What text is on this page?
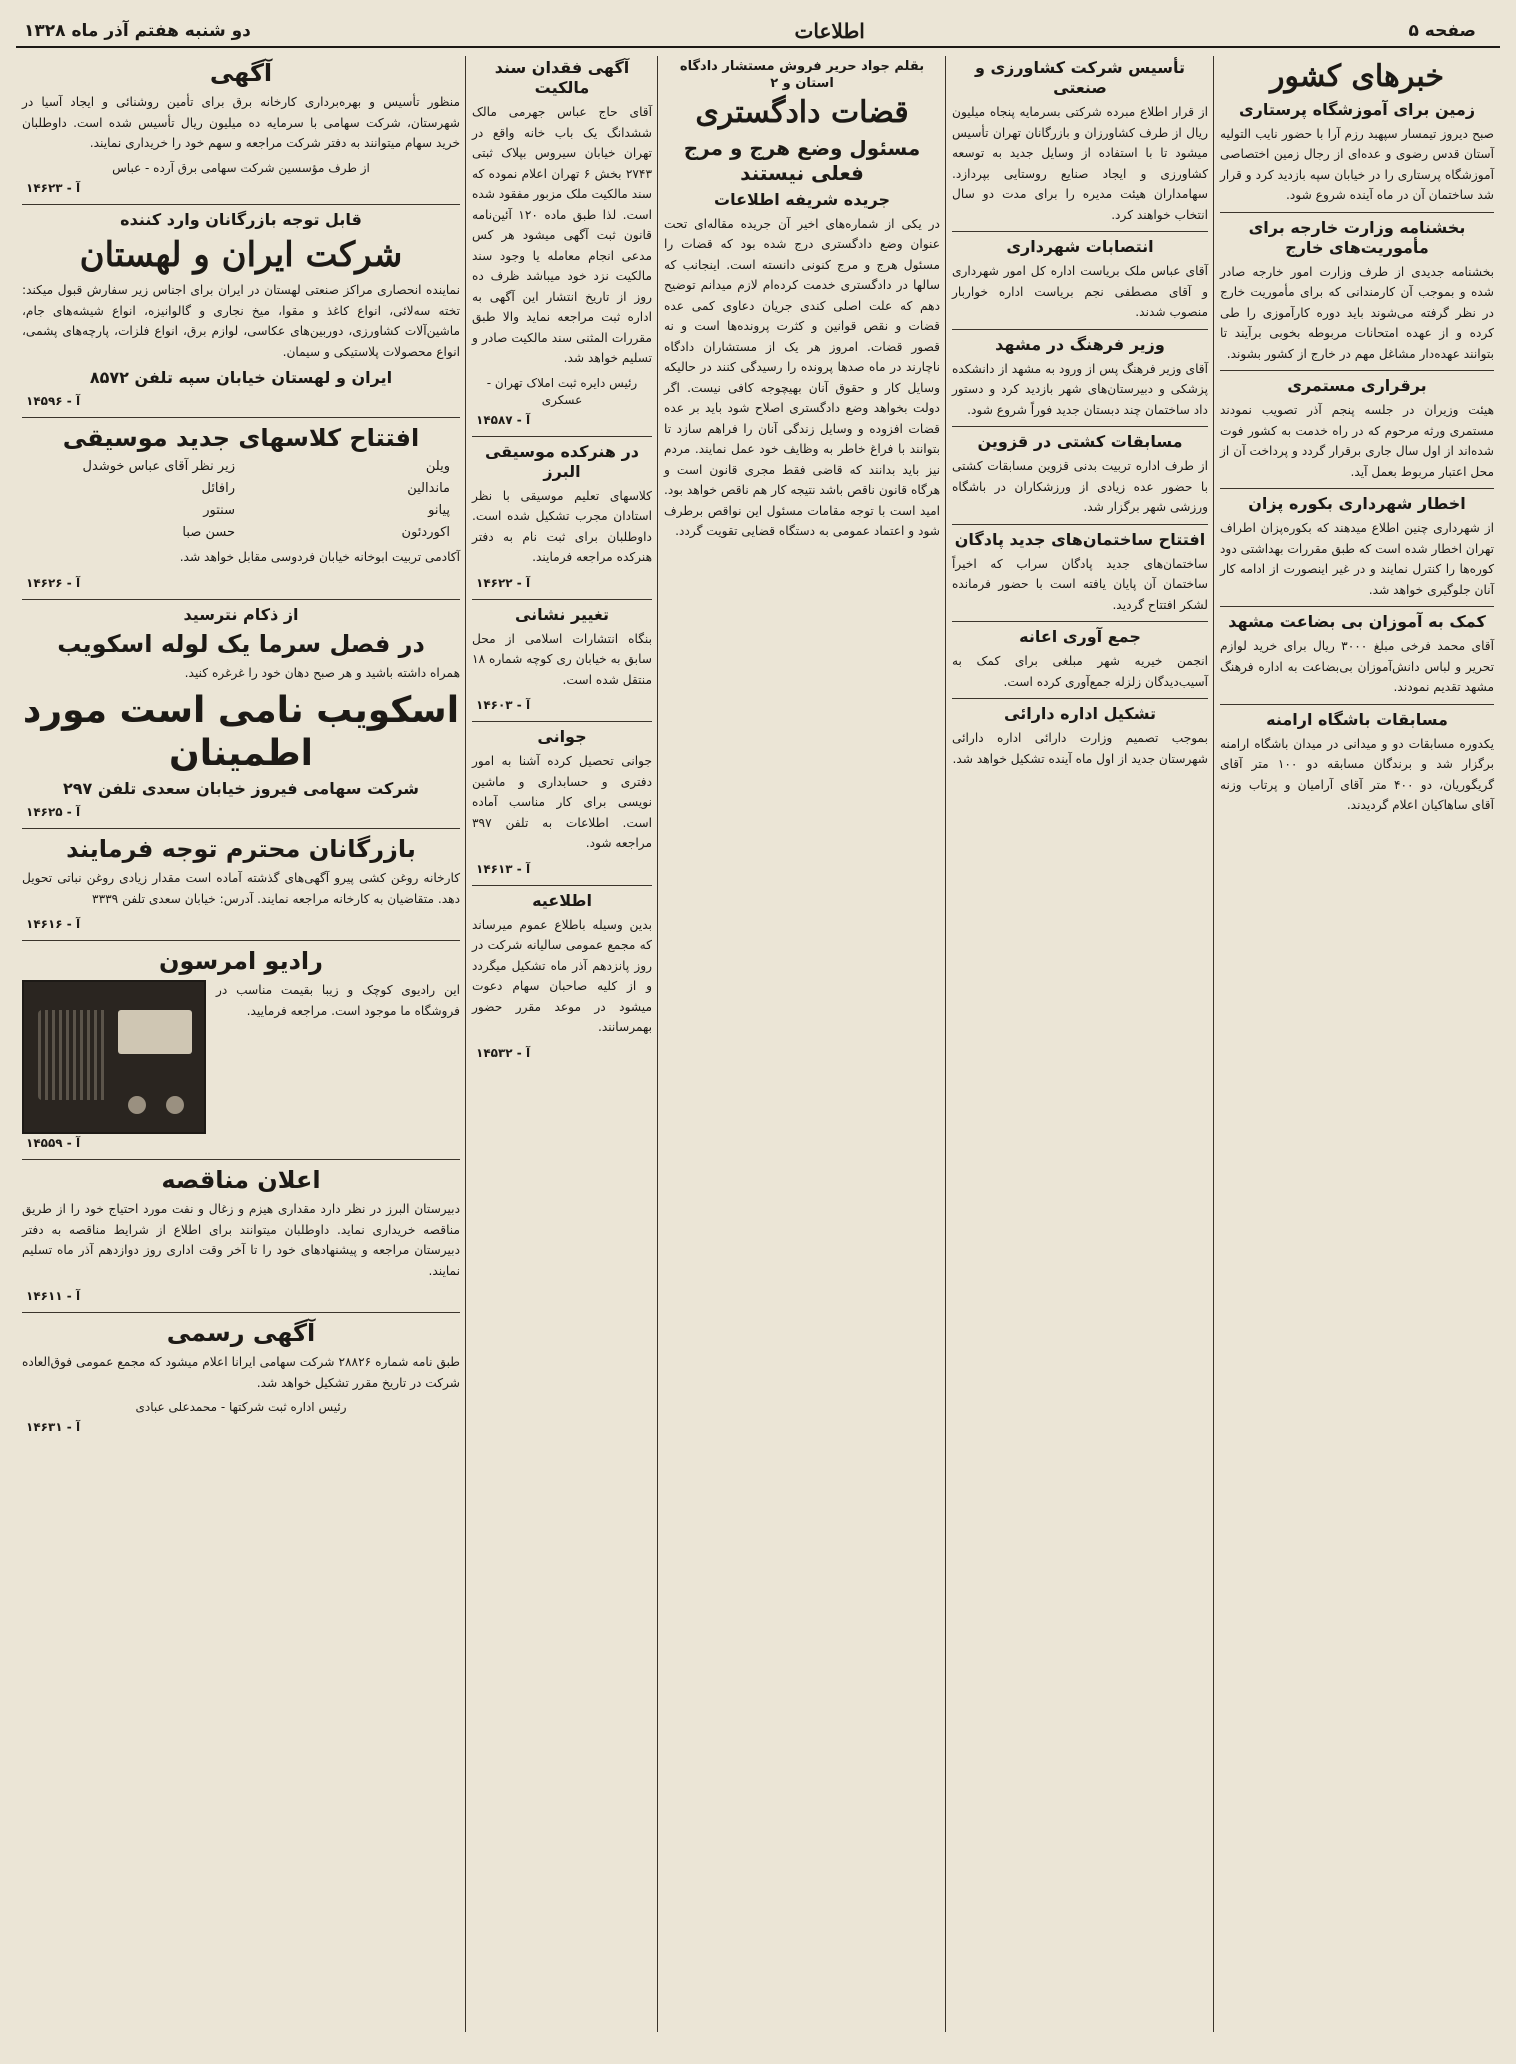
صفحه ۵
اطلاعات
دو شنبه هفتم آذر ماه ۱۳۲۸
خبرهای کشور
زمین برای آموزشگاه پرستاری

صبح دیروز تیمسار سپهبد رزم آرا با حضور نایب‌ التولیه آستان قدس رضوی و عده‌ای از رجال زمین اختصاصی آموزشگاه پرستاری را در خیابان سپه بازدید کرد و قرار شد ساختمان آن در ماه آینده شروع شود.

بخشنامه وزارت خارجه برای مأموریت‌های خارج

بخشنامه جدیدی از طرف وزارت امور خارجه صادر شده و بموجب آن کارمندانی که برای مأموریت خارج در نظر گرفته می‌شوند باید دوره کارآموزی را طی کرده و از عهده امتحانات مربوطه بخوبی برآیند تا بتوانند عهده‌دار مشاغل مهم در خارج از کشور بشوند.

برقراری مستمری

هیئت وزیران در جلسه پنجم آذر تصویب نمودند مستمری ورثه مرحوم که در راه خدمت به کشور فوت شده‌اند از اول سال جاری برقرار گردد و پرداخت آن از محل اعتبار مربوط بعمل آید.

اخطار شهرداری بکوره پزان

از شهرداری چنین اطلاع میدهند که بکوره‌پزان اطراف تهران اخطار شده است که طبق مقررات بهداشتی دود کوره‌ها را کنترل نمایند و در غیر اینصورت از ادامه کار آنان جلوگیری خواهد شد.

کمک به آموزان بی بضاعت مشهد

آقای محمد فرخی مبلغ ۳۰۰۰ ریال برای خرید لوازم تحریر و لباس دانش‌آموزان بی‌بضاعت به اداره فرهنگ مشهد تقدیم نمودند.

مسابقات باشگاه ارامنه

یکدوره مسابقات دو و میدانی در میدان باشگاه ارامنه برگزار شد و برندگان مسابقه دو ۱۰۰ متر آقای گریگوریان، دو ۴۰۰ متر آقای آرامیان و پرتاب وزنه آقای ساهاکیان اعلام گردیدند.

تأسیس شرکت کشاورزی و صنعتی

از قرار اطلاع مبرده شرکتی بسرمایه پنجاه میلیون ریال از طرف کشاورزان و بازرگانان تهران تأسیس میشود تا با استفاده از وسایل جدید به توسعه کشاورزی و ایجاد صنایع روستایی بپردازد. سهامداران هیئت مدیره را برای مدت دو سال انتخاب خواهند کرد.

انتصابات شهرداری

آقای عباس ملک بریاست اداره کل امور شهرداری و آقای مصطفی نجم بریاست اداره خواربار منصوب شدند.

وزیر فرهنگ در مشهد

آقای وزیر فرهنگ پس از ورود به مشهد از دانشکده پزشکی و دبیرستان‌های شهر بازدید کرد و دستور داد ساختمان چند دبستان جدید فوراً شروع شود.

مسابقات کشتی در قزوین

از طرف اداره تربیت بدنی قزوین مسابقات کشتی با حضور عده زیادی از ورزشکاران در باشگاه ورزشی شهر برگزار شد.

افتتاح ساختمان‌های جدید پادگان

ساختمان‌های جدید پادگان سراب که اخیراً ساختمان آن پایان یافته است با حضور فرمانده لشکر افتتاح گردید.

جمع آوری اعانه

انجمن خیریه شهر مبلغی برای کمک به آسیب‌دیدگان زلزله جمع‌آوری کرده است.

تشکیل اداره دارائی

بموجب تصمیم وزارت دارائی اداره دارائی شهرستان جدید از اول ماه آینده تشکیل خواهد شد.

بقلم جواد حریر فروش مستشار دادگاه استان و ۲
قضات دادگستری
مسئول وضع هرج و مرج فعلی نیستند
جریده شریفه اطلاعات

در یکی از شماره‌های اخیر آن جریده مقاله‌ای تحت عنوان وضع دادگستری درج شده بود که قضات را مسئول هرج و مرج کنونی دانسته است. اینجانب که سالها در دادگستری خدمت کرده‌ام لازم میدانم توضیح دهم که علت اصلی کندی جریان دعاوی کمی عده قضات و نقص قوانین و کثرت پرونده‌ها است و نه قصور قضات. امروز هر یک از مستشاران دادگاه ناچارند در ماه صدها پرونده را رسیدگی کنند در حالیکه وسایل کار و حقوق آنان بهیچوجه کافی نیست. اگر دولت بخواهد وضع دادگستری اصلاح شود باید بر عده قضات افزوده و وسایل زندگی آنان را فراهم سازد تا بتوانند با فراغ خاطر به وظایف خود عمل نمایند. مردم نیز باید بدانند که قاضی فقط مجری قانون است و هرگاه قانون ناقص باشد نتیجه کار هم ناقص خواهد بود. امید است با توجه مقامات مسئول این نواقص برطرف شود و اعتماد عمومی به دستگاه قضایی تقویت گردد.

آگهی فقدان سند مالکیت

آقای حاج عباس جهرمی مالک ششدانگ یک باب خانه واقع در تهران خیابان سیروس بپلاک ثبتی ۲۷۴۳ بخش ۶ تهران اعلام نموده که سند مالکیت ملک مزبور مفقود شده است. لذا طبق ماده ۱۲۰ آئین‌نامه قانون ثبت آگهی میشود هر کس مدعی انجام معامله یا وجود سند مالکیت نزد خود میباشد ظرف ده روز از تاریخ انتشار این آگهی به اداره ثبت مراجعه نماید والا طبق مقررات المثنی سند مالکیت صادر و تسلیم خواهد شد.

رئیس دایره ثبت املاک تهران - عسکری
آ - ۱۴۵۸۷
در هنرکده موسیقی البرز

کلاسهای تعلیم موسیقی با نظر استادان مجرب تشکیل شده است. داوطلبان برای ثبت نام به دفتر هنرکده مراجعه فرمایند.

آ - ۱۴۶۲۲
تغییر نشانی

بنگاه انتشارات اسلامی از محل سابق به خیابان ری کوچه شماره ۱۸ منتقل شده است.

آ - ۱۴۶۰۳
جوانی

جوانی تحصیل کرده آشنا به امور دفتری و حسابداری و ماشین نویسی برای کار مناسب آماده است. اطلاعات به تلفن ۳۹۷ مراجعه شود.

آ - ۱۴۶۱۳
اطلاعیه

بدین وسیله باطلاع عموم میرساند که مجمع عمومی سالیانه شرکت در روز پانزدهم آذر ماه تشکیل میگردد و از کلیه صاحبان سهام دعوت میشود در موعد مقرر حضور بهمرسانند.

آ - ۱۴۵۳۲
آگهی

منظور تأسیس و بهره‌برداری کارخانه برق برای تأمین روشنائی و ایجاد آسیا در شهرستان، شرکت سهامی با سرمایه ده میلیون ریال تأسیس شده است. داوطلبان خرید سهام میتوانند به دفتر شرکت مراجعه و سهم خود را خریداری نمایند.

از طرف مؤسسین شرکت سهامی برق آرده - عباس
آ - ۱۴۶۲۳
قابل توجه بازرگانان وارد کننده
شرکت ایران و لهستان

نماینده انحصاری مراکز صنعتی لهستان در ایران برای اجناس زیر سفارش قبول میکند: تخته سه‌لائی، انواع کاغذ و مقوا، میخ نجاری و گالوانیزه، انواع شیشه‌های جام، ماشین‌آلات کشاورزی، دوربین‌های عکاسی، لوازم برق، انواع فلزات، پارچه‌های پشمی، انواع محصولات پلاستیکی و سیمان.

ایران و لهستان خیابان سپه تلفن ۸۵۷۲
آ - ۱۴۵۹۶
افتتاح کلاسهای جدید موسیقی
ویلن
زیر نظر آقای عباس خوشدل
ماندالین
رافائل
پیانو
سنتور
اکوردئون
حسن صبا

آکادمی تربیت ابوخانه خیابان فردوسی مقابل خواهد شد.

آ - ۱۴۶۲۶
از ذکام نترسید
در فصل سرما یک لوله اسکویب

همراه داشته باشید و هر صبح دهان خود را غرغره کنید.

اسکویب نامی است مورد اطمینان
شرکت سهامی فیروز خیابان سعدی تلفن ۲۹۷
آ - ۱۴۶۲۵
بازرگانان محترم توجه فرمایند

کارخانه روغن کشی پیرو آگهی‌های گذشته آماده است مقدار زیادی روغن نباتی تحویل دهد. متقاضیان به کارخانه مراجعه نمایند. آدرس: خیابان سعدی تلفن ۳۳۳۹

آ - ۱۴۶۱۶
رادیو امرسون

این رادیوی کوچک و زیبا بقیمت مناسب در فروشگاه ما موجود است. مراجعه فرمایید.

آ - ۱۴۵۵۹
اعلان مناقصه

دبیرستان البرز در نظر دارد مقداری هیزم و زغال و نفت مورد احتیاج خود را از طریق مناقصه خریداری نماید. داوطلبان میتوانند برای اطلاع از شرایط مناقصه به دفتر دبیرستان مراجعه و پیشنهادهای خود را تا آخر وقت اداری روز دوازدهم آذر ماه تسلیم نمایند.

آ - ۱۴۶۱۱
آگهی رسمی

طبق نامه شماره ۲۸۸۲۶ شرکت سهامی ایرانا اعلام میشود که مجمع عمومی فوق‌العاده شرکت در تاریخ مقرر تشکیل خواهد شد.

رئیس اداره ثبت شرکتها - محمدعلی عبادی
آ - ۱۴۶۳۱
